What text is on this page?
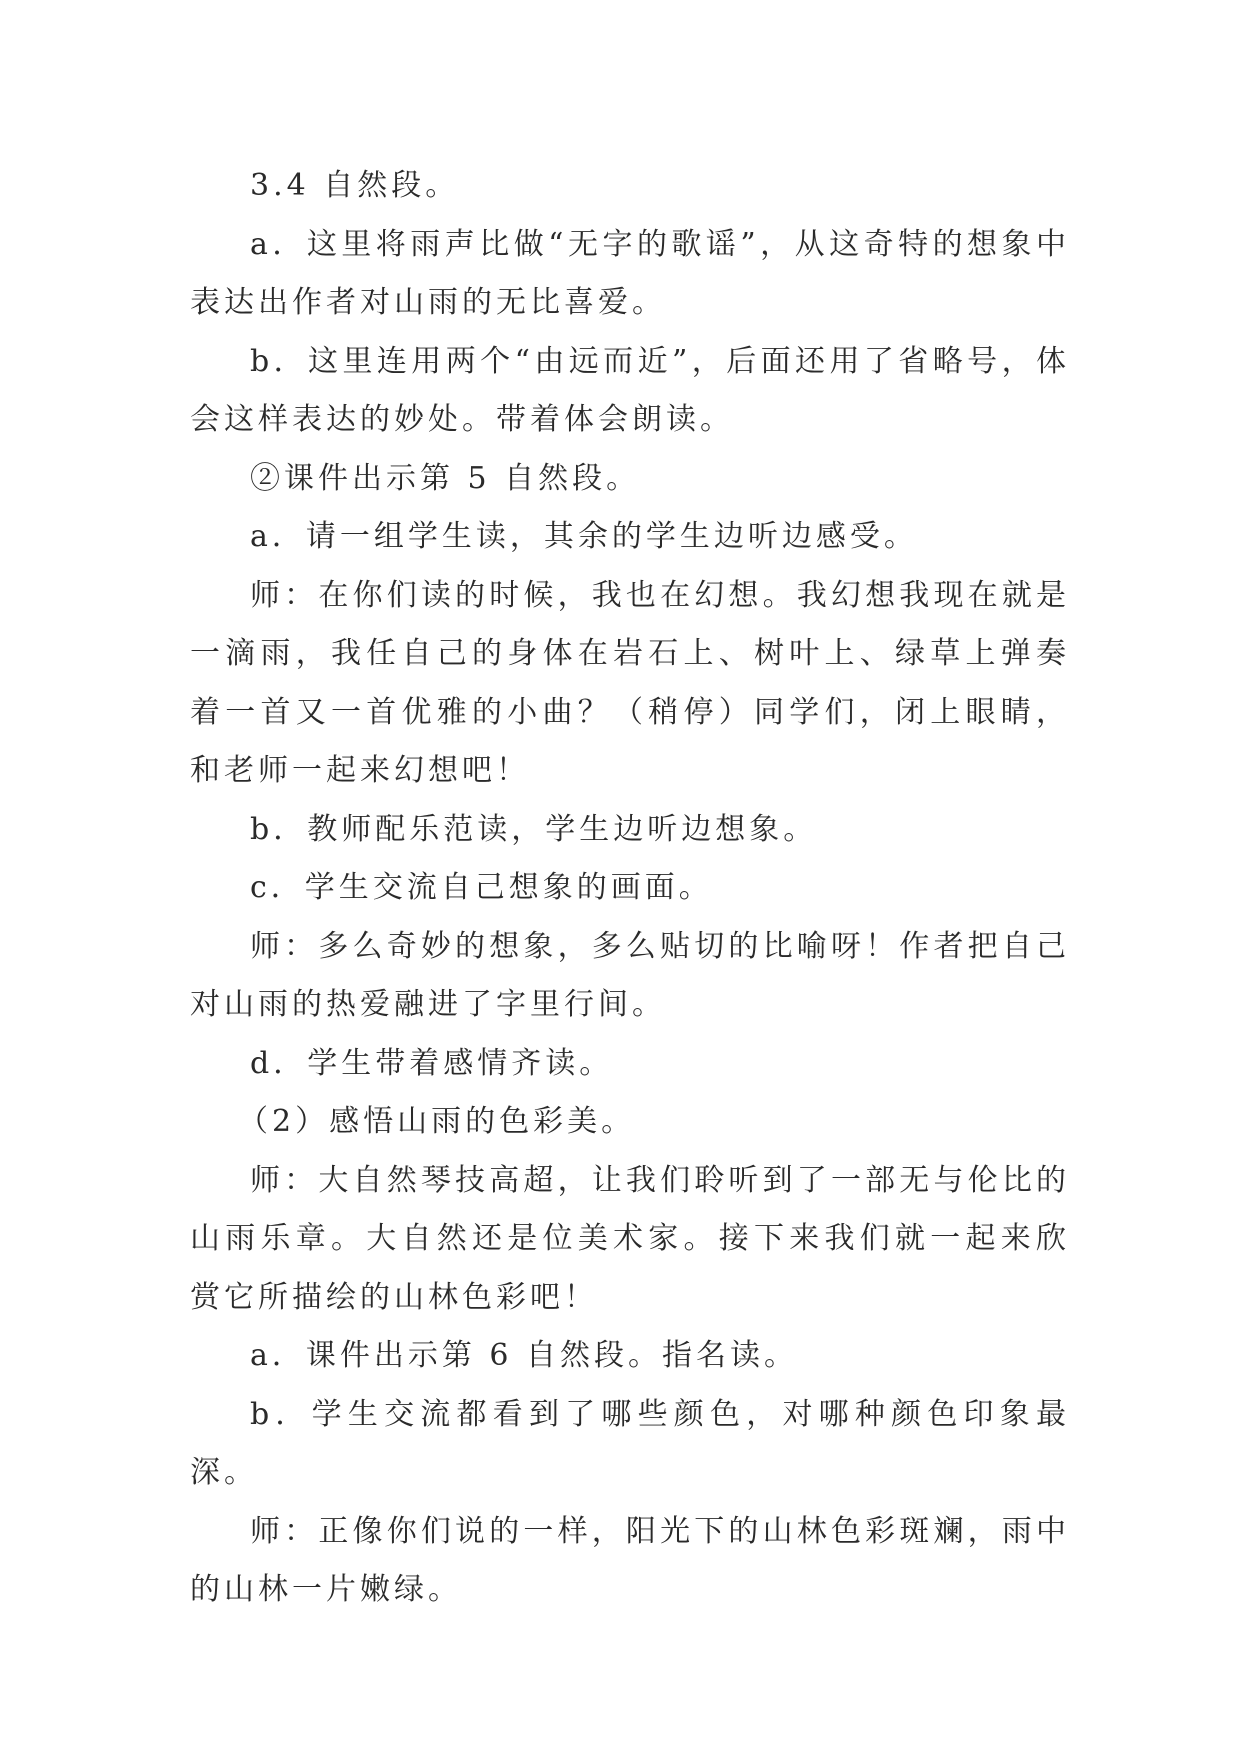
3.4 自然段。

a．这里将雨声比做“无字的歌谣”，从这奇特的想象中表达出作者对山雨的无比喜爱。

b．这里连用两个“由远而近”，后面还用了省略号，体会这样表达的妙处。带着体会朗读。

②课件出示第 5 自然段。

a．请一组学生读，其余的学生边听边感受。

师：在你们读的时候，我也在幻想。我幻想我现在就是一滴雨，我任自己的身体在岩石上、树叶上、绿草上弹奏着一首又一首优雅的小曲？（稍停）同学们，闭上眼睛，和老师一起来幻想吧！

b．教师配乐范读，学生边听边想象。

c．学生交流自己想象的画面。

师：多么奇妙的想象，多么贴切的比喻呀！作者把自己对山雨的热爱融进了字里行间。

d．学生带着感情齐读。

（2）感悟山雨的色彩美。

师：大自然琴技高超，让我们聆听到了一部无与伦比的山雨乐章。大自然还是位美术家。接下来我们就一起来欣赏它所描绘的山林色彩吧！

a．课件出示第 6 自然段。指名读。

b．学生交流都看到了哪些颜色，对哪种颜色印象最深。

师：正像你们说的一样，阳光下的山林色彩斑斓，雨中的山林一片嫩绿。
